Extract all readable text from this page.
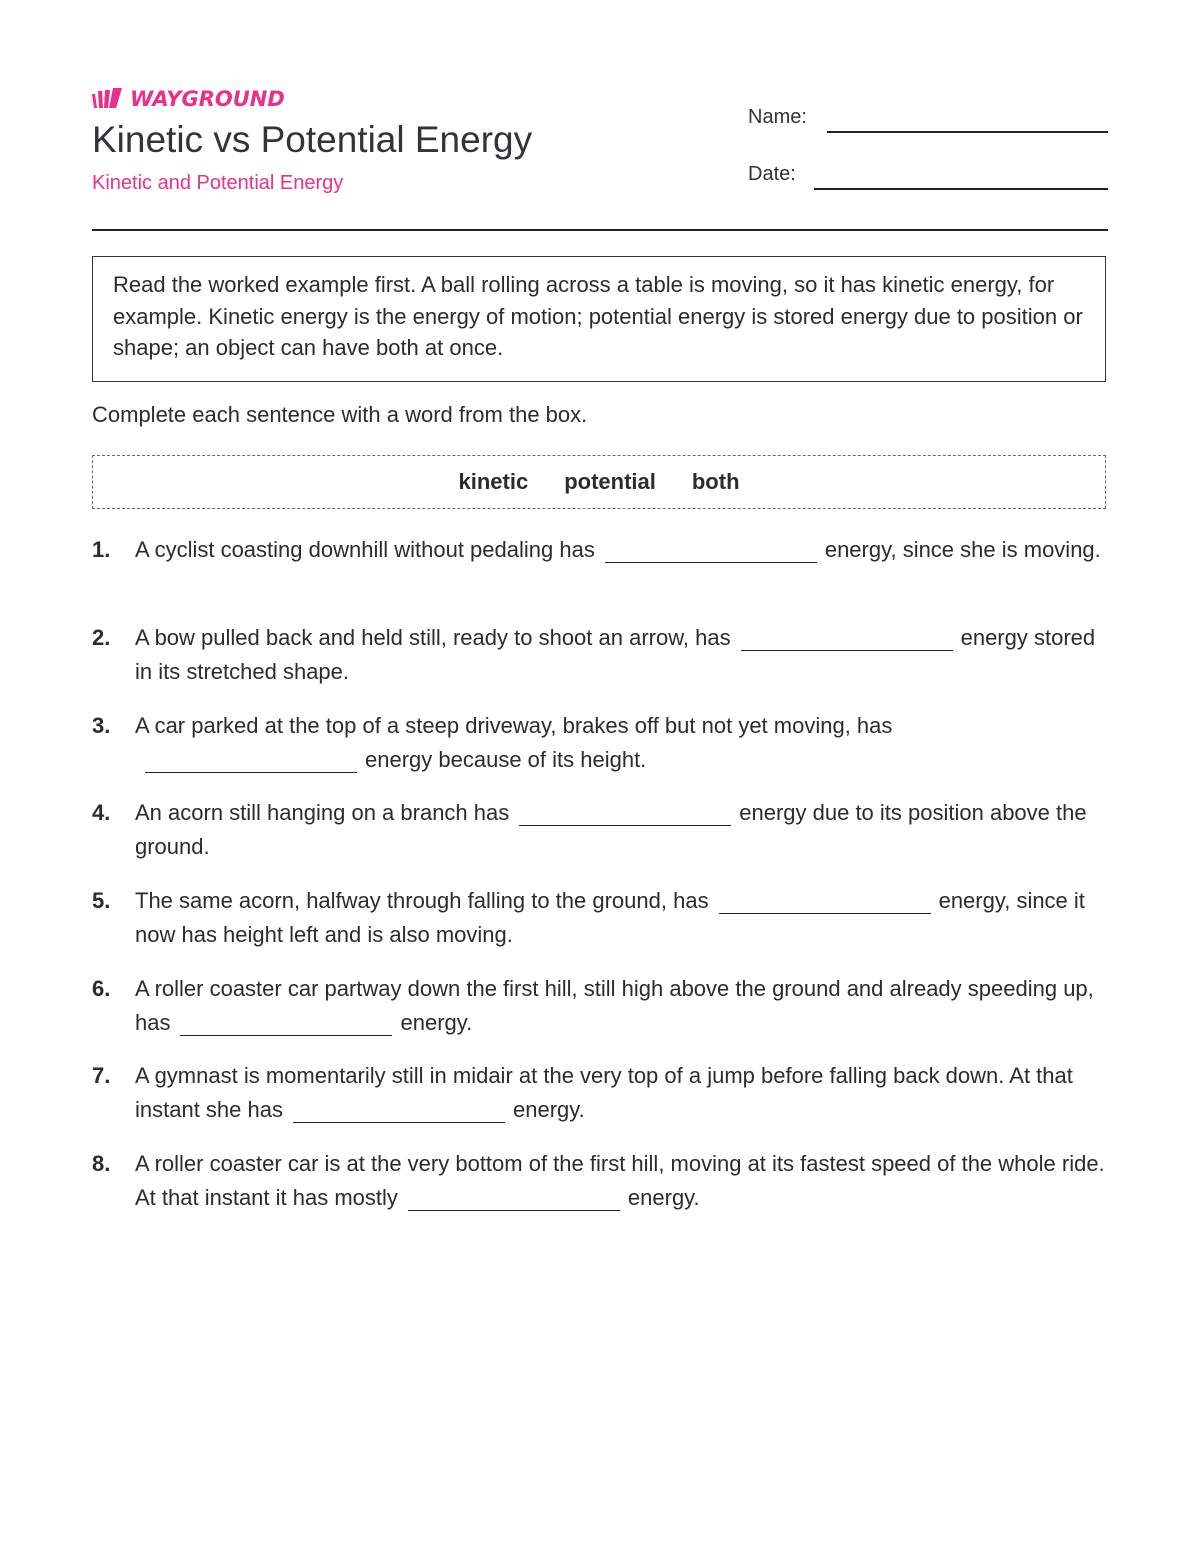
WAYGROUND
Kinetic vs Potential Energy
Kinetic and Potential Energy
Name:
Date:
Read the worked example first. A ball rolling across a table is moving, so it has kinetic energy, for example. Kinetic energy is the energy of motion; potential energy is stored energy due to position or shape; an object can have both at once.
Complete each sentence with a word from the box.
kinetic potential both
1.	A cyclist coasting downhill without pedaling has	energy, since she is moving.
2.	A bow pulled back and held still, ready to shoot an arrow, has	energy stored in its stretched shape.
3.	A car parked at the top of a steep driveway, brakes off but not yet moving, hasenergy because of its height.
4.	An acorn still hanging on a branch has	energy due to its position above the ground.
5.	The same acorn, halfway through falling to the ground, has	energy, since it now has height left and is also moving.
6.	A roller coaster car partway down the first hill, still high above the ground and already speeding up, has	energy.
7.	A gymnast is momentarily still in midair at the very top of a jump before falling back down. At that instant she has	energy.
8.	A roller coaster car is at the very bottom of the first hill, moving at its fastest speed of the whole ride. At that instant it has mostly	energy.
